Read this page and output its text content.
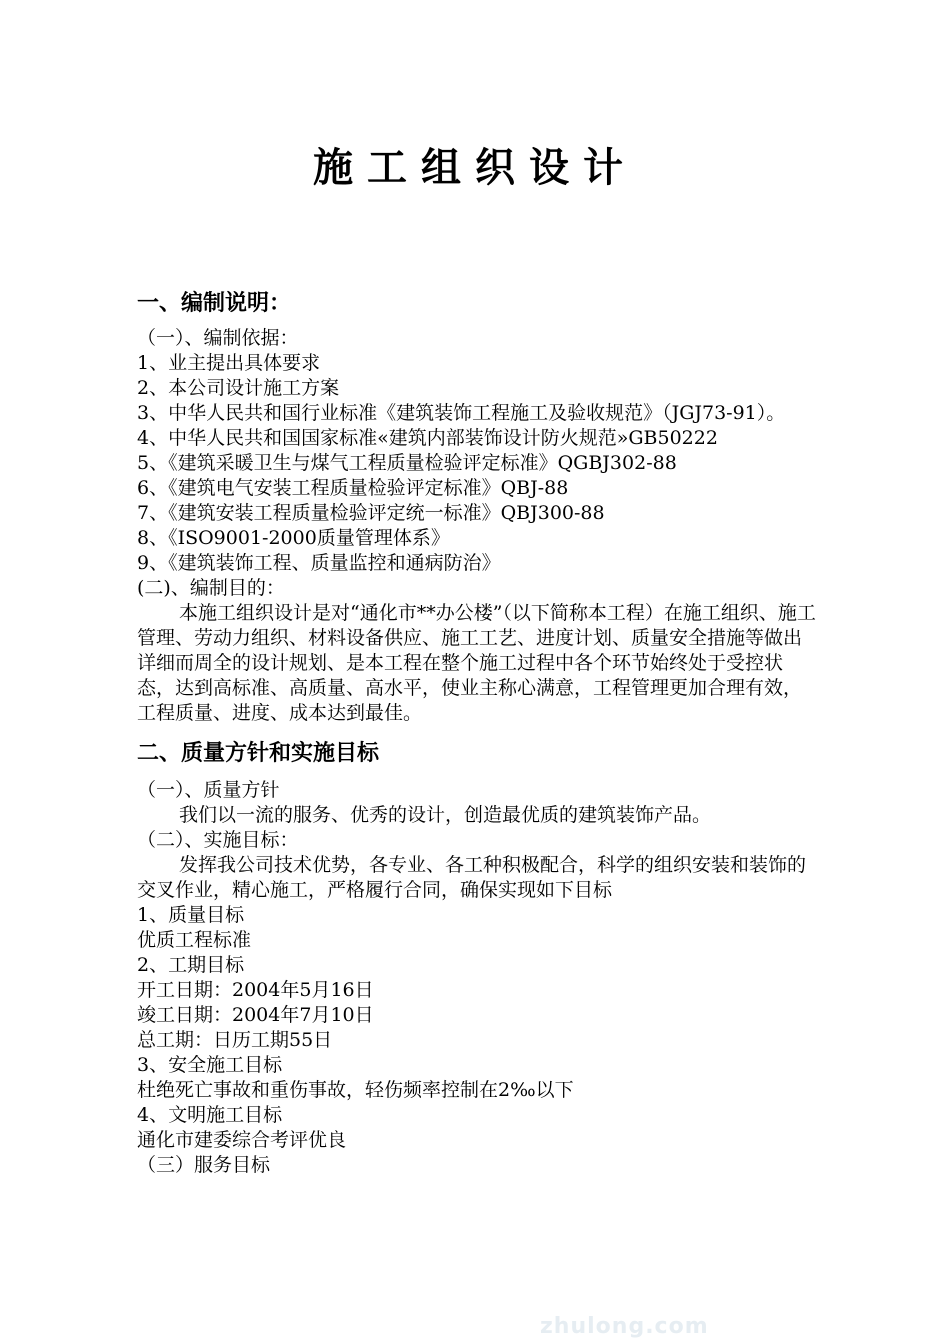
施工组织设计
一、编制说明：
（一）、编制依据：
1、业主提出具体要求
2、本公司设计施工方案
3、中华人民共和国行业标准《建筑装饰工程施工及验收规范》（JGJ73-91）。
4、中华人民共和国国家标准«建筑内部装饰设计防火规范»GB50222
5、《建筑采暖卫生与煤气工程质量检验评定标准》QGBJ302-88
6、《建筑电气安装工程质量检验评定标准》QBJ-88
7、《建筑安装工程质量检验评定统一标准》QBJ300-88
8、《ISO9001-2000质量管理体系》
9、《建筑装饰工程、质量监控和通病防治》
(二)、编制目的：
本施工组织设计是对“通化市**办公楼”（以下简称本工程）在施工组织、施工管理、劳动力组织、材料设备供应、施工工艺、进度计划、质量安全措施等做出详细而周全的设计规划、是本工程在整个施工过程中各个环节始终处于受控状态，达到高标准、高质量、高水平，使业主称心满意，工程管理更加合理有效，工程质量、进度、成本达到最佳。
二、质量方针和实施目标
（一）、质量方针
我们以一流的服务、优秀的设计，创造最优质的建筑装饰产品。
（二）、实施目标：
发挥我公司技术优势，各专业、各工种积极配合，科学的组织安装和装饰的交叉作业，精心施工，严格履行合同，确保实现如下目标
1、质量目标
优质工程标准
2、工期目标
开工日期：2004年5月16日
竣工日期：2004年7月10日
总工期：日历工期55日
3、安全施工目标
杜绝死亡事故和重伤事故，轻伤频率控制在2‰以下
4、文明施工目标
通化市建委综合考评优良
（三）服务目标
zhulong.com
